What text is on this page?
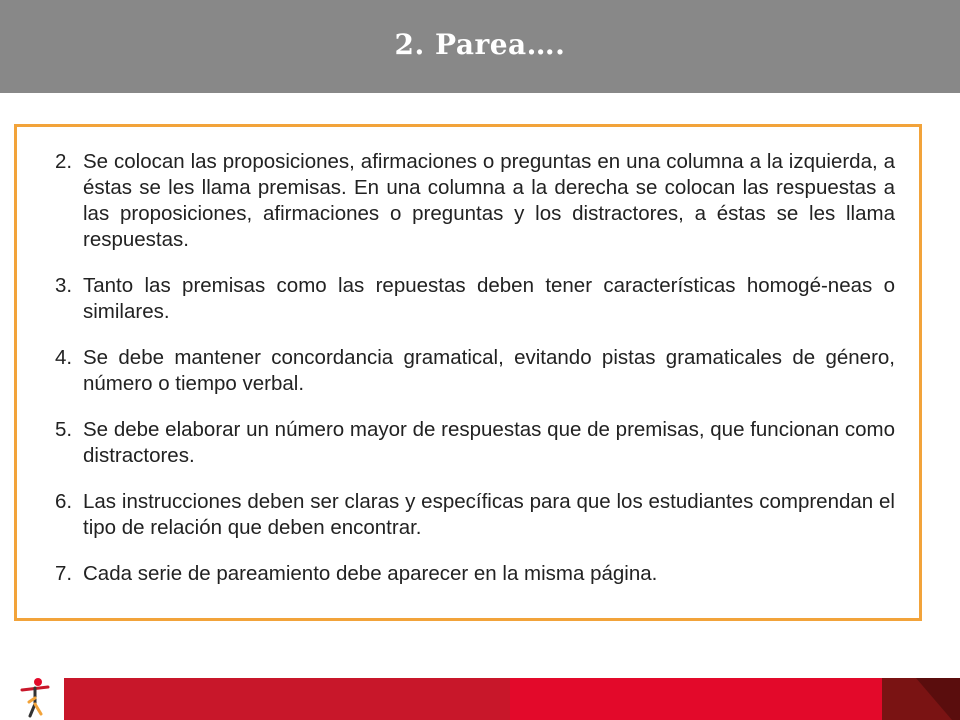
2. Parea….
2. Se colocan las proposiciones, afirmaciones o preguntas en una columna a la izquierda, a éstas se les llama premisas. En una columna a la derecha se colocan las respuestas a las proposiciones, afirmaciones o preguntas y los distractores, a éstas se les llama respuestas.
3. Tanto las premisas como las repuestas deben tener características homogé-neas o similares.
4. Se debe mantener concordancia gramatical, evitando pistas gramaticales de género, número o tiempo verbal.
5. Se debe elaborar un número mayor de respuestas que de premisas, que funcionan como distractores.
6. Las instrucciones deben ser claras y específicas para que los estudiantes comprendan el tipo de relación que deben encontrar.
7. Cada serie de pareamiento debe aparecer en la misma página.
